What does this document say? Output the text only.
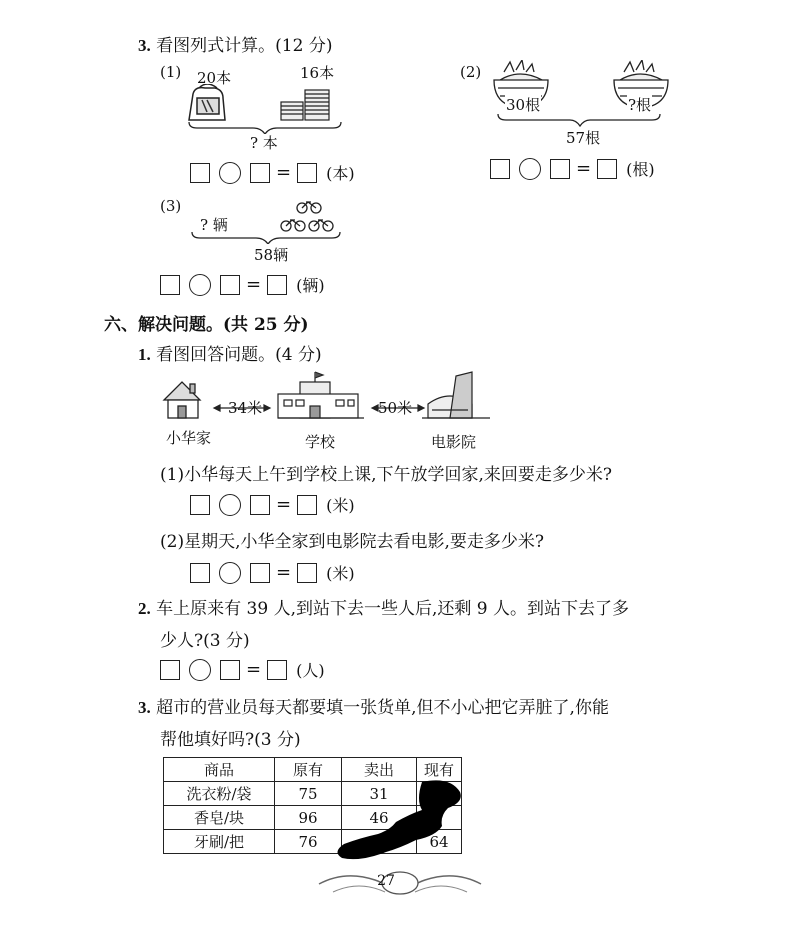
3. 看图列式计算。(12 分)
(1) 20本	16本
? 本
= (本)
(2)
30根	?根
57根
= (根)
(3)
? 辆
58辆
= (辆)
六、解决问题。(共 25 分)
1. 看图回答问题。(4 分)
34米	50米
小华家	学校	电影院
(1)小华每天上午到学校上课,下午放学回家,来回要走多少米?
= (米)
(2)星期天,小华全家到电影院去看电影,要走多少米?
= (米)
2. 车上原来有 39 人,到站下去一些人后,还剩 9 人。到站下去了多
少人?(3 分)
= (人)
3. 超市的营业员每天都要填一张货单,但不小心把它弄脏了,你能
帮他填好吗?(3 分)
商品	原有	卖出	现有
洗衣粉/袋	75	31	
香皂/块	96	46	
牙刷/把	76		64
27
